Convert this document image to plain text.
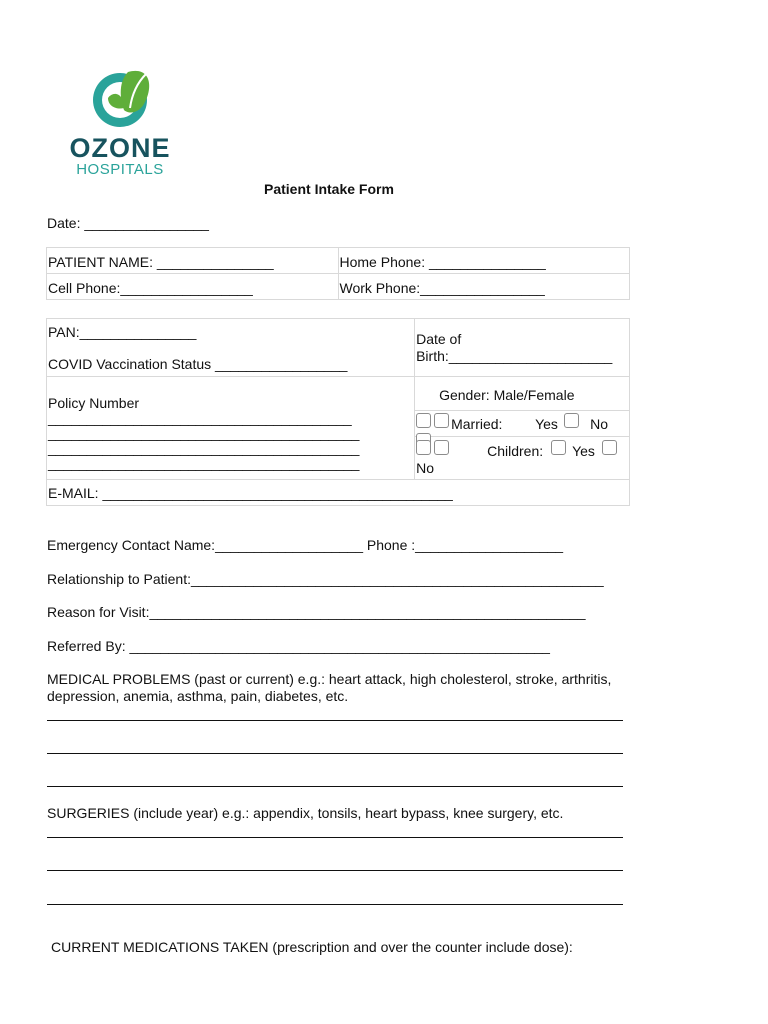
OZONE
HOSPITALS
Patient Intake Form
Date: ________________
PATIENT NAME: _______________	Home Phone: _______________

Cell Phone:_________________	Work Phone:________________
PAN:_______________
COVID Vaccination Status _________________	Date of
Birth:_____________________

Policy Number
_______________________________________
________________________________________
________________________________________
________________________________________	Gender: Male/Female

	Married: Yes No

	Children: Yes
No

E-MAIL: _____________________________________________	
Emergency Contact Name:___________________ Phone :___________________
Relationship to Patient:_____________________________________________________
Reason for Visit:________________________________________________________
Referred By: ______________________________________________________
MEDICAL PROBLEMS (past or current) e.g.: heart attack, high cholesterol, stroke, arthritis,
depression, anemia, asthma, pain, diabetes, etc.
SURGERIES (include year) e.g.: appendix, tonsils, heart bypass, knee surgery, etc.
CURRENT MEDICATIONS TAKEN (prescription and over the counter include dose):
